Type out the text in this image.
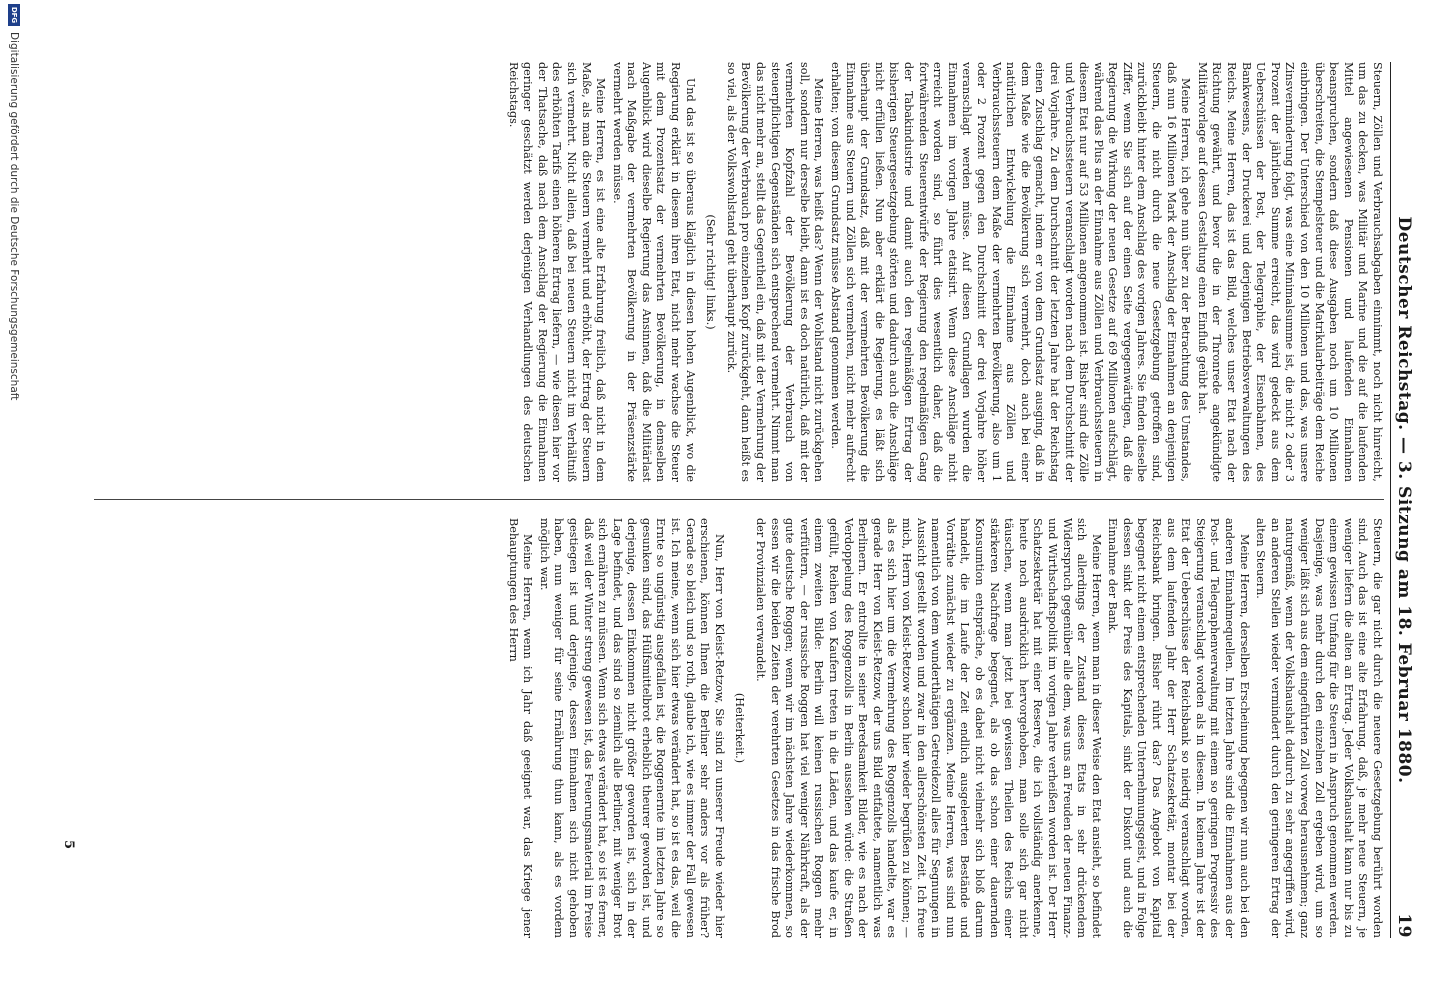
Deutscher Reichstag. — 3. Sitzung am 18. Februar 1880.
19

Steuern, Zöllen und Verbrauchsabgaben einnimmt, noch nicht hinreicht, um das zu decken, was Militär und Marine und die auf die laufenden Mittel angewiesenen Pensionen und laufenden Einnahmen beanspruchen, sondern daß diese Ausgaben noch um 10 Millionen überschreiten, die Stempelsteuer und die Matrikularbeiträge dem Reiche einbringen. Der Unterschied von den 10 Millionen und das, was unsere Zinsverminderung folgt, was eine Minimalsumme ist, die nicht 2 oder 3 Prozent der jährlichen Summe erreicht, das wird gedeckt aus dem Ueberschüssen der Post, der Telegraphie, der Eisenbahnen, des Bankwesens, der Druckerei und derjenigen Betriebsverwaltungen des Reichs. Meine Herren, das ist das Bild, welches unser Etat nach der Richtung gewährt, und bevor die in der Thronrede angekündigte Militärvorlage auf dessen Gestaltung einen Einfluß geübt hat.

Meine Herren, ich gehe nun über zu der Betrachtung des Umstandes, daß nun 16 Millionen Mark der Anschlag der Einnahmen an denjenigen Steuern, die nicht durch die neue Gesetzgebung getroffen sind, zurückbleibt hinter dem Anschlag des vorigen Jahres. Sie finden dieselbe Ziffer, wenn Sie sich auf der einen Seite vergegenwärtigen, daß die Regierung die Wirkung der neuen Gesetze auf 69 Millionen aufschlägt, während das Plus an der Einnahme aus Zöllen und Verbrauchssteuern in diesem Etat nur auf 53 Millionen angenommen ist. Bisher sind die Zölle und Verbrauchssteuern veranschlagt worden nach dem Durchschnitt der drei Vorjahre. Zu dem Durchschnitt der letzten Jahre hat der Reichstag einen Zuschlag gemacht, indem er von dem Grundsatz ausging, daß in dem Maße wie die Bevölkerung sich vermehrt, doch auch bei einer natürlichen Entwickelung die Einnahme aus Zöllen und Verbrauchssteuern dem Maße der vermehrten Bevölkerung, also um 1 oder 2 Prozent gegen den Durchschnitt der drei Vorjahre höher veranschlagt werden müsse. Auf diesen Grundlagen wurden die Einnahmen im vorigen Jahre etatisirt. Wenn diese Anschläge nicht erreicht worden sind, so führt dies wesentlich daher, daß die fortwährenden Steuerentwürfe der Regierung den regelmäßigen Gang der Tabakindustrie und damit auch den regelmäßigen Ertrag der bisherigen Steuergesetzgebung störten und dadurch auch die Anschläge nicht erfüllen ließen. Nun aber erklärt die Regierung, es läßt sich überhaupt der Grundsatz, daß mit der vermehrten Bevölkerung die Einnahme aus Steuern und Zöllen sich vermehren, nicht mehr aufrecht erhalten; von diesem Grundsatz müsse Abstand genommen werden.

Meine Herren, was heißt das? Wenn der Wohlstand nicht zurückgehen soll, sondern nur derselbe bleibt, dann ist es doch natürlich, daß mit der vermehrten Kopfzahl der Bevölkerung der Verbrauch von steuerpflichtigen Gegenständen sich entsprechend vermehrt. Nimmt man das nicht mehr an, stellt das Gegentheil ein, daß mit der Vermehrung der Bevölkerung der Verbrauch pro einzelnen Kopf zurückgeht, dann heißt es so viel, als der Volkswohlstand geht überhaupt zurück.

(Sehr richtig! links.)

Und das ist so überaus kläglich in diesen hohen Augenblick, wo die Regierung erklärt in diesem ihren Etat, nicht mehr wachse die Steuer mit dem Prozentsatz der vermehrten Bevölkerung, in demselben Augenblick wird dieselbe Regierung das Ansinnen, daß die Militärlast nach Maßgabe der vermehrten Bevölkerung in der Präsenzstärke vermehrt werden müsse.

Meine Herren, es ist eine alte Erfahrung freilich, daß nicht in dem Maße, als man die Steuern vermehrt und erhöht, der Ertrag der Steuern sich vermehrt. Nicht allein, daß bei neuen Steuern nicht im Verhältniß des erhöhten Tarifs einen höheren Ertrag liefern, — wie diesen hier vor der Thatsache, daß nach dem Anschlag der Regierung die Einnahmen geringer geschätzt werden derjenigen Verhandlungen des deutschen Reichstags.

Steuern, die gar nicht durch die neuere Gesetzgebung berührt worden sind. Auch das ist eine alte Erfahrung, daß, je mehr neue Steuern, je weniger liefern die alten an Ertrag. Jeder Volkshaushalt kann nur bis zu einem gewissen Umfang für die Steuern in Anspruch genommen werden. Dasjenige, was mehr durch den einzelnen Zoll ergeben wird, um so weniger läßt sich aus dem eingeführten Zoll vorweg herausnehmen; ganz naturgemäß, wenn der Volkshaushalt dadurch zu sehr angegriffen wird, an anderen Stellen wieder vermindert durch den geringeren Ertrag der alten Steuern.

Meine Herren, derselben Erscheinung begegnen wir nun auch bei den anderen Einnahmequellen. Im letzten Jahre sind die Einnahmen aus der Post- und Telegraphenverwaltung mit einem so geringen Progressiv des Steigerung veranschlagt worden als in diesem. In keinem Jahre ist der Etat der Ueberschüsse der Reichsbank so niedrig veranschlagt worden, aus dem laufenden Jahr der Herr Schatzsekretär, montar bei der Reichsbank bringen. Bisher rührt das? Das Angebot von Kapital begegnet nicht einem entsprechenden Unternehmungsgeist, und in Folge dessen sinkt der Preis des Kapitals, sinkt der Diskont und auch die Einnahme der Bank.

Meine Herren, wenn man in dieser Weise den Etat ansieht, so befindet sich allerdings der Zustand dieses Etats in sehr drückendem Widerspruch gegenüber alle dem, was uns an Freuden der neuen Finanz- und Wirthschaftspolitik im vorigen Jahre verheißen worden ist. Der Herr Schatzsekretär hat mit einer Reserve, die ich vollständig anerkenne, heute noch ausdrücklich hervorgehoben, man solle sich gar nicht täuschen, wenn man jetzt bei gewissen Theilen des Reichs einer stärkeren Nachfrage begegnet, als ob das schon einer dauernden Konsumtion entspräche, ob es dabei nicht vielmehr sich bloß darum handelt, die im Laufe der Zeit endlich ausgeleerten Bestände und Vorräthe zunächst wieder zu ergänzen. Meine Herren, was sind nun namentlich von dem wunderthätigen Getreidezoll alles für Segnungen in Aussicht gestellt worden und zwar in den allerschönsten Zeit. Ich freue mich, Herrn von Kleist-Retzow schon hier wieder begrüßen zu können; — als es sich hier um die Vermehrung des Roggenzolls handelte, war es gerade Herr von Kleist-Retzow, der uns Bild entfaltete, namentlich was Berlinern. Er entrollte in seiner Beredsamkeit Bilder, wie es nach der Verdoppelung des Roggenzolls in Berlin aussehen würde: die Straßen gefüllt, Reihen von Kaufern treten in die Läden, und das kaufe er, in einem zweiten Bilde: Berlin will keinen russischen Roggen mehr verfüttern, — der russische Roggen hat viel weniger Nährkraft, als der gute deutsche Roggen; wenn wir im nächsten Jahre wiederkommen, so essen wir die beiden Zeiten der verehrten Gesetzes in das frische Brod der Provinzialen verwandelt.

(Heiterkeit.)

Nun, Herr von Kleist-Retzow, Sie sind zu unserer Freude wieder hier erschienen, können Ihnen die Berliner sehr anders vor als früher? Gerade so bleich und so roth, glaube ich, wie es immer der Fall gewesen ist. Ich meine, wenn sich hier etwas verändert hat, so ist es das, weil die Ernte so ungünstig ausgefallen ist, die Roggenernte im letzten Jahre so gesunken sind, das Hülfsmittelbrot erheblich theurer geworden ist, und derjenige, dessen Einkommen nicht größer geworden ist, sich in der Lage befindet, und das sind so ziemlich alle Berliner, mit weniger Brot sich ernähren zu müssen. Wenn sich etwas verändert hat, so ist es ferner, daß weil der Winter streng gewesen ist, das Feuerungsmaterial im Preise gestiegen ist und derjenige, dessen Einnahmen sich nicht gehoben haben, nun weniger für seine Ernährung thun kann, als es vordem möglich war.

Meine Herren, wenn ich Jahr daß geeignet war, das Kriege jener Behauptungen des Herrn

5
DFG
Digitalisierung gefördert durch die Deutsche Forschungsgemeinschaft
